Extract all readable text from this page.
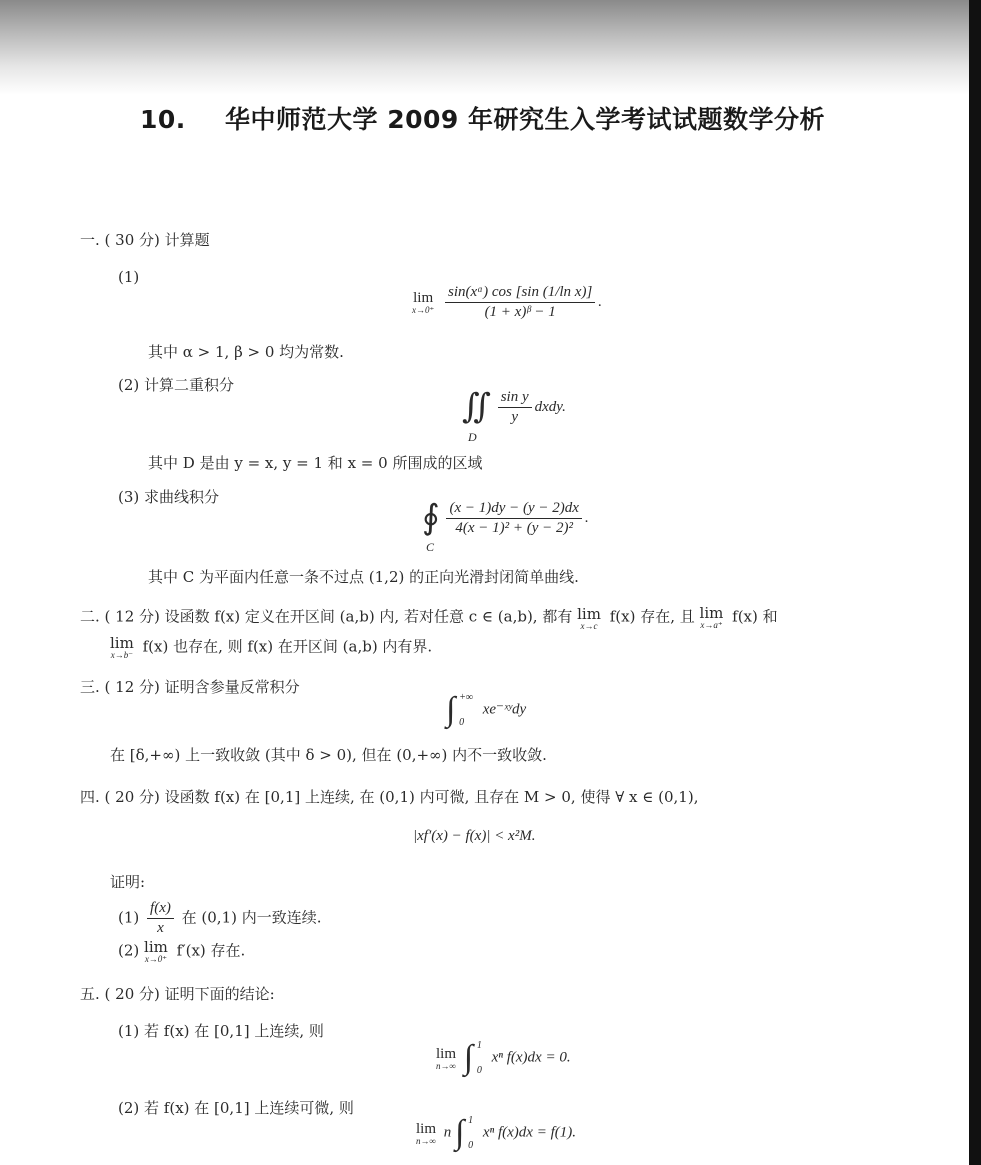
10. 华中师范大学 2009 年研究生入学考试试题数学分析
一. ( 30 分) 计算题
(1)
lim
x→0⁺
$\frac{\text{sin(xᵅ) cos [sin (1/ln x)]}}{\text{(1 + x)ᵝ − 1}}$ .
其中 α > 1, β > 0 均为常数.
(2) 计算二重积分
∬ $\frac{\text{sin y}}{y}$ dxdy.
D
其中 D 是由 y = x, y = 1 和 x = 0 所围成的区域
(3) 求曲线积分
∮ $\frac{(x - 1)dy - (y - 2)dx}{\text{4(x − 1)² + (y − 2)²}}$ .
C
其中 C 为平面内任意一条不过点 (1,2) 的正向光滑封闭简单曲线.
二. ( 12 分) 设函数 f(x) 定义在开区间 (a,b) 内, 若对任意 c ∈ (a,b), 都有 lim
x→c f(x) 存在, 且 lim
x→a⁺ f(x) 和
lim
x→b⁻ f(x) 也存在, 则 f(x) 在开区间 (a,b) 内有界.
三. ( 12 分) 证明含参量反常积分
∫ +∞
0
xe⁻ˣʸdy
在 [δ,+∞) 上一致收敛 (其中 δ > 0), 但在 (0,+∞) 内不一致收敛.
四. ( 20 分) 设函数 f(x) 在 [0,1] 上连续, 在 (0,1) 内可微, 且存在 M > 0, 使得 ∀ x ∈ (0,1),
|xf′(x) − f(x)| < x²M.
证明:
$(1) \frac{f(x)}{x}$ 在 (0,1) 内一致连续.
(2) lim
x→0⁺ f′(x) 存在.
五. ( 20 分) 证明下面的结论:
(1) 若 f(x) 在 [0,1] 上连续, 则
lim
n→∞ ∫ 1
0
xⁿ f(x)dx = 0.
(2) 若 f(x) 在 [0,1] 上连续可微, 则
lim
n→∞
n ∫ 1
0
xⁿ f(x)dx = f(1).
